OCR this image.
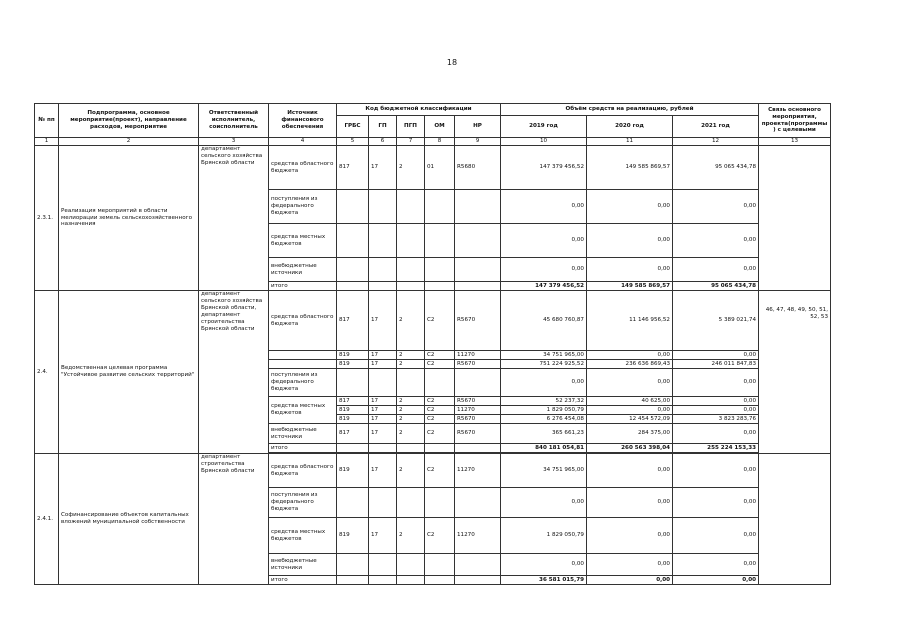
18
№ пп	Подпрограмма, основное мероприятие(проект), направление расходов, мероприятие	Ответственный исполнитель, соисполнитель	Источник финансового обеспечения	Код бюджетной классификации					Объём средств на реализацию, рублей			Связь основного мероприятия, проекта(программы) с целевыми	
				ГРБС	ГП	ПГП	ОМ	НР	2019 год	2020 год	2021 год		
1	2	3	4	5	6	7	8	9	10	11	12	13	
2.3.1.	Реализация мероприятий в области мелиорации земель сельскохозяйственного назначения	департамент сельского хозяйства Брянской области	средства областного бюджета	817	17	2	01	R5680	147 379 456,52	149 585 869,57	95 065 434,78		
			поступления из федерального бюджета						0,00	0,00	0,00		
			средства местных бюджетов						0,00	0,00	0,00		
			внебюджетные источники						0,00	0,00	0,00		
			итого						147 379 456,52	149 585 869,57	95 065 434,78		
2.4.	Ведомственная целевая программа "Устойчивое развитие сельских территорий"	департамент сельского хозяйства Брянской области, департамент строительства Брянской области	средства областного бюджета	817	17	2	C2	R5670	45 680 760,87	11 146 956,52	5 389 021,74	46, 47, 48, 49, 50, 51, 52, 53	
				819	17	2	C2	11270	34 751 965,00	0,00	0,00		
				819	17	2	C2	R5670	751 224 925,52	236 636 869,43	246 011 847,83		
			поступления из федерального бюджета						0,00	0,00	0,00		
			средства местных бюджетов	817	17	2	C2	R5670	52 237,32	40 625,00	0,00		
				819	17	2	C2	11270	1 829 050,79	0,00	0,00		
				819	17	2	C2	R5670	6 276 454,08	12 454 572,09	3 823 283,76		
			внебюджетные источники	817	17	2	C2	R5670	365 661,23	284 375,00	0,00		
			итого						840 181 054,81	260 563 398,04	255 224 153,33		

2.4.1.	Софинансирование объектов капитальных вложений муниципальной собственности	департамент строительства Брянской области	средства областного бюджета	819	17	2	C2	11270	34 751 965,00	0,00	0,00		
			поступления из федерального бюджета						0,00	0,00	0,00		
			средства местных бюджетов	819	17	2	C2	11270	1 829 050,79	0,00	0,00		
			внебюджетные источники						0,00	0,00	0,00		
			итого						36 581 015,79	0,00	0,00		
